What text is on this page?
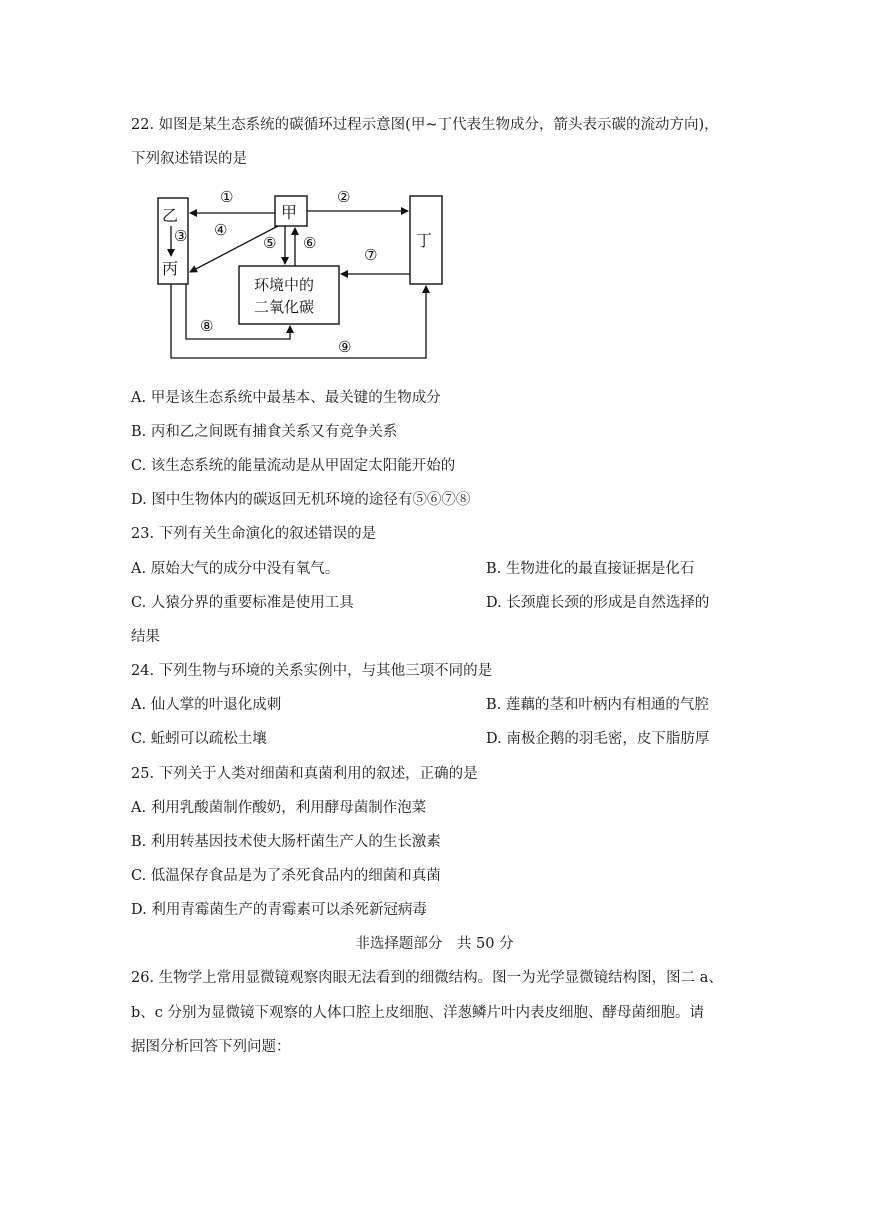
22. 如图是某生态系统的碳循环过程示意图(甲~丁代表生物成分，箭头表示碳的流动方向)，
下列叙述错误的是
乙
丙
甲
丁
环境中的
二氧化碳
①	②
③ ④
⑤ ⑥
⑦
⑧
⑨
A. 甲是该生态系统中最基本、最关键的生物成分
B. 丙和乙之间既有捕食关系又有竞争关系
C. 该生态系统的能量流动是从甲固定太阳能开始的
D. 图中生物体内的碳返回无机环境的途径有⑤⑥⑦⑧
23. 下列有关生命演化的叙述错误的是
A. 原始大气的成分中没有氧气。	B. 生物进化的最直接证据是化石
C. 人猿分界的重要标准是使用工具	D. 长颈鹿长颈的形成是自然选择的
结果
24. 下列生物与环境的关系实例中，与其他三项不同的是
A. 仙人掌的叶退化成刺	B. 莲藕的茎和叶柄内有相通的气腔
C. 蚯蚓可以疏松土壤	D. 南极企鹅的羽毛密，皮下脂肪厚
25. 下列关于人类对细菌和真菌利用的叙述，正确的是
A. 利用乳酸菌制作酸奶，利用酵母菌制作泡菜
B. 利用转基因技术使大肠杆菌生产人的生长激素
C. 低温保存食品是为了杀死食品内的细菌和真菌
D. 利用青霉菌生产的青霉素可以杀死新冠病毒
非选择题部分　共 50 分
26. 生物学上常用显微镜观察肉眼无法看到的细微结构。图一为光学显微镜结构图，图二 a、
b、c 分别为显微镜下观察的人体口腔上皮细胞、洋葱鳞片叶内表皮细胞、酵母菌细胞。请
据图分析回答下列问题：
